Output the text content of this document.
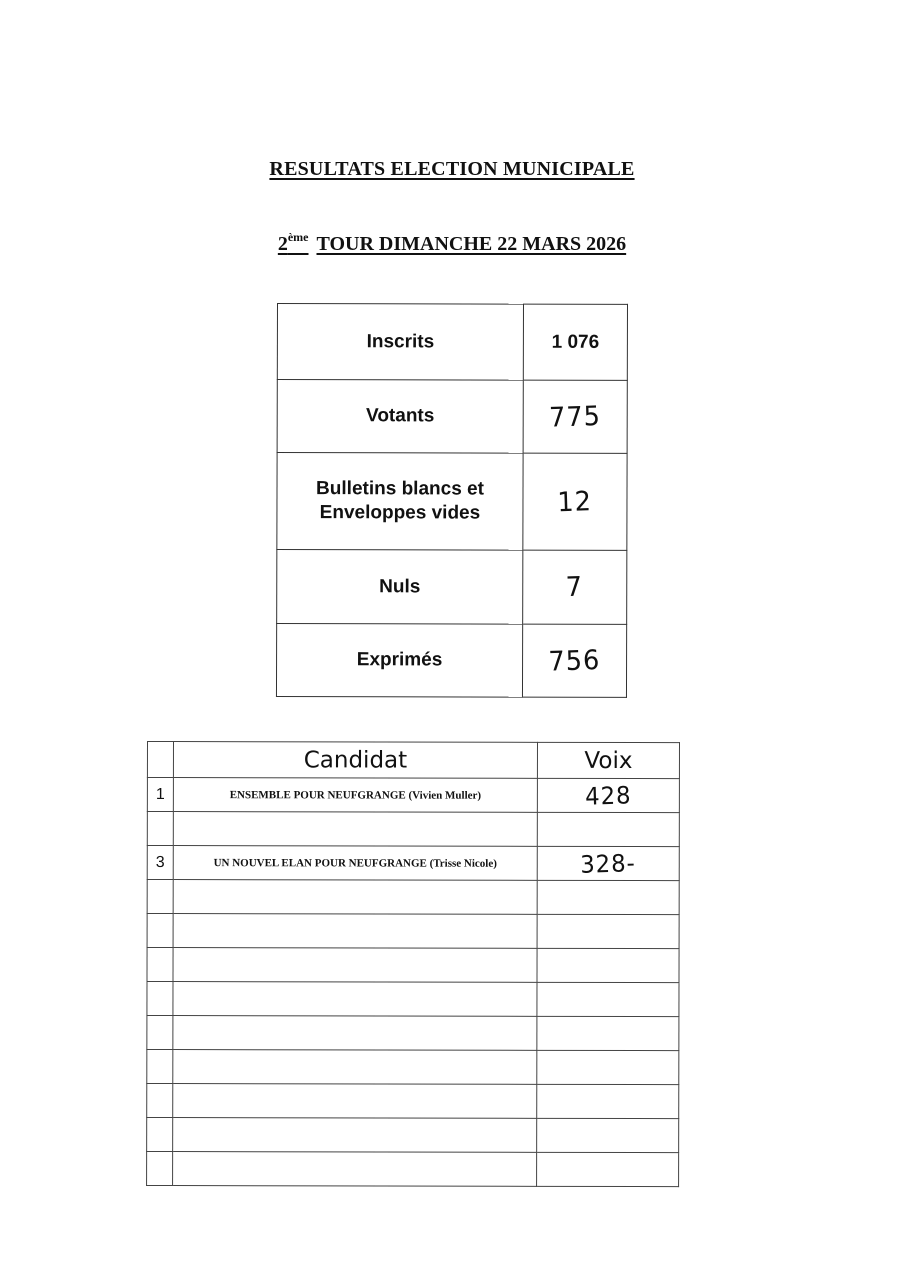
RESULTATS ELECTION MUNICIPALE
2ème TOUR DIMANCHE 22 MARS 2026
Inscrits	1 076
Votants	775
Bulletins blancs et
Enveloppes vides	12
Nuls	7
Exprimés	756
	Candidat	Voix
1	ENSEMBLE POUR NEUFGRANGE (Vivien Muller)	428

3	UN NOUVEL ELAN POUR NEUFGRANGE (Trisse Nicole)	328-
